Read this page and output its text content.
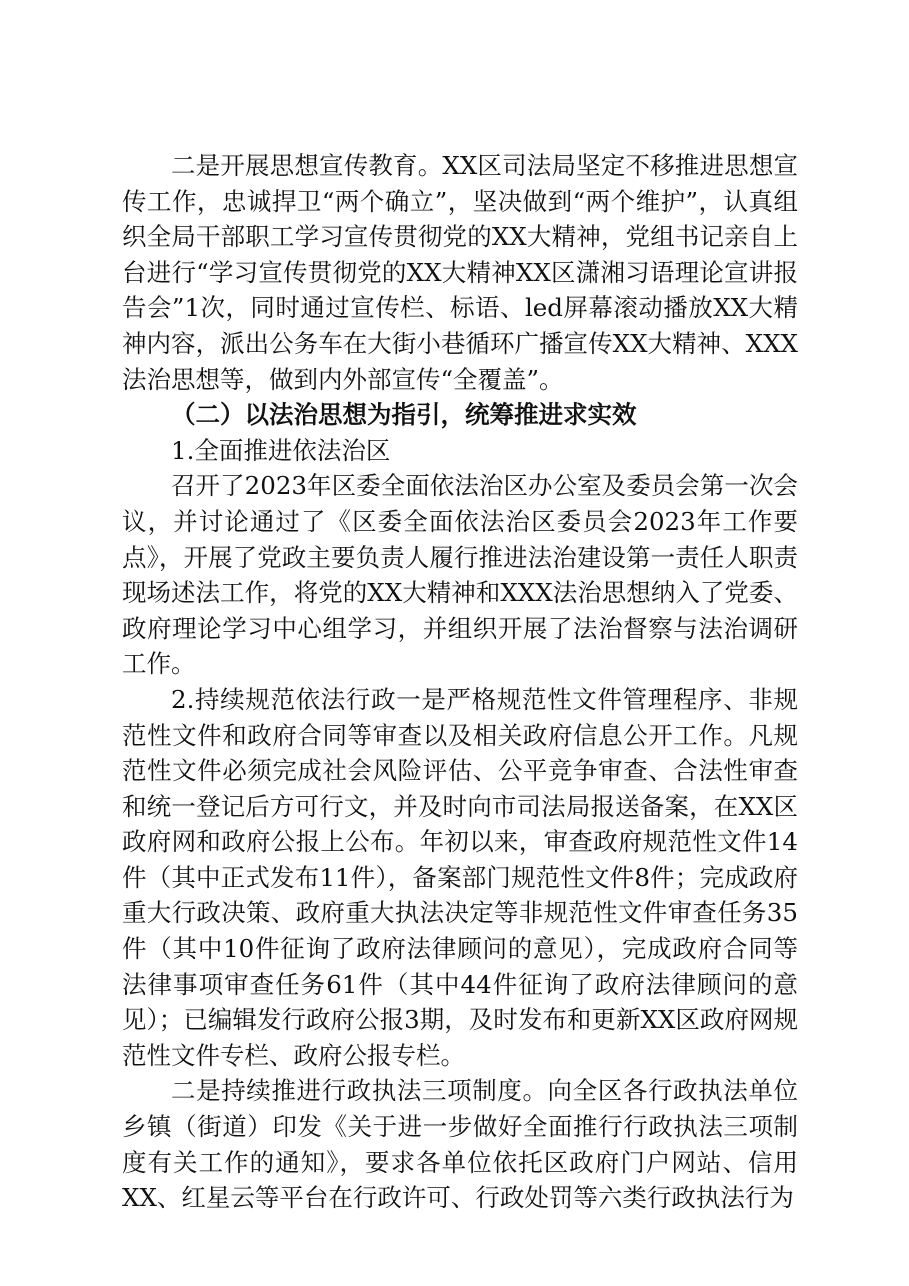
二是开展思想宣传教育。XX区司法局坚定不移推进思想宣传工作，忠诚捍卫“两个确立”，坚决做到“两个维护”，认真组织全局干部职工学习宣传贯彻党的XX大精神，党组书记亲自上台进行“学习宣传贯彻党的XX大精神XX区潇湘习语理论宣讲报告会”1次，同时通过宣传栏、标语、led屏幕滚动播放XX大精神内容，派出公务车在大街小巷循环广播宣传XX大精神、XXX法治思想等，做到内外部宣传“全覆盖”。

（二）以法治思想为指引，统筹推进求实效

1.全面推进依法治区

召开了2023年区委全面依法治区办公室及委员会第一次会议，并讨论通过了《区委全面依法治区委员会2023年工作要点》，开展了党政主要负责人履行推进法治建设第一责任人职责现场述法工作，将党的XX大精神和XXX法治思想纳入了党委、政府理论学习中心组学习，并组织开展了法治督察与法治调研工作。

2.持续规范依法行政一是严格规范性文件管理程序、非规范性文件和政府合同等审查以及相关政府信息公开工作。凡规范性文件必须完成社会风险评估、公平竞争审查、合法性审查和统一登记后方可行文，并及时向市司法局报送备案，在XX区政府网和政府公报上公布。年初以来，审查政府规范性文件14件（其中正式发布11件），备案部门规范性文件8件；完成政府重大行政决策、政府重大执法决定等非规范性文件审查任务35件（其中10件征询了政府法律顾问的意见），完成政府合同等法律事项审查任务61件（其中44件征询了政府法律顾问的意见）；已编辑发行政府公报3期，及时发布和更新XX区政府网规范性文件专栏、政府公报专栏。

二是持续推进行政执法三项制度。向全区各行政执法单位乡镇（街道）印发《关于进一步做好全面推行行政执法三项制度有关工作的通知》，要求各单位依托区政府门户网站、信用XX、红星云等平台在行政许可、行政处罚等六类行政执法行为
